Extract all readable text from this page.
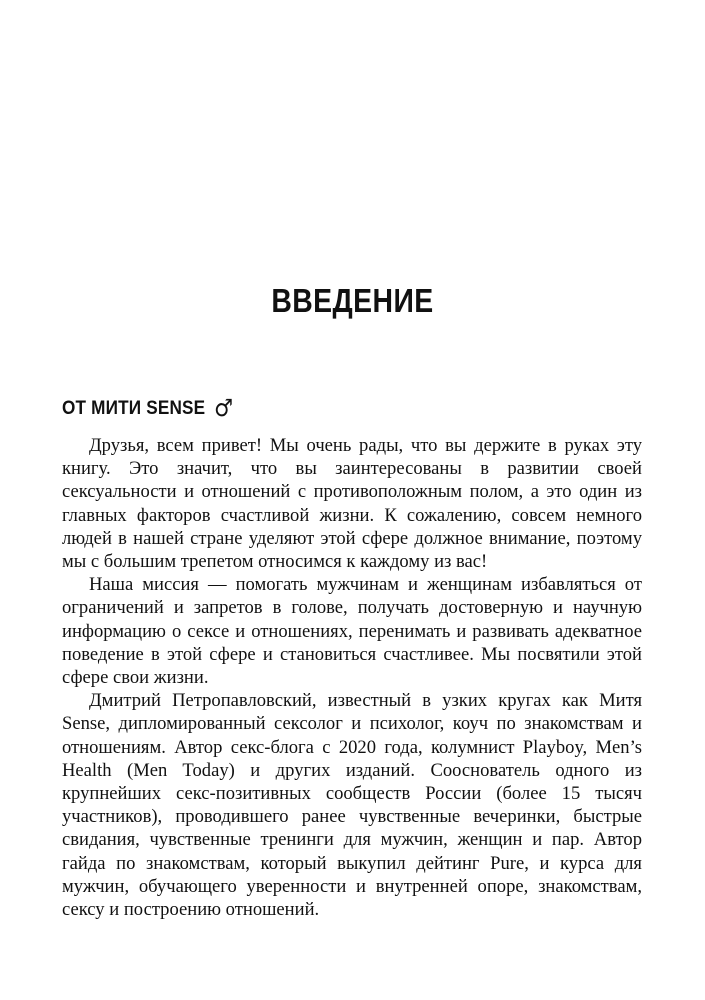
ВВЕДЕНИЕ
ОТ МИТИ SENSE ♂

Друзья, всем привет! Мы очень рады, что вы держите в руках эту книгу. Это значит, что вы заинтересованы в развитии своей сексуальности и отношений с противоположным полом, а это один из главных факторов счастливой жизни. К сожалению, совсем немного людей в нашей стране уделяют этой сфере должное внимание, поэтому мы с большим трепетом относимся к каждому из вас!

Наша миссия — помогать мужчинам и женщинам избавляться от ограничений и запретов в голове, получать достоверную и научную информацию о сексе и отношениях, перенимать и развивать адекватное поведение в этой сфере и становиться счастливее. Мы посвятили этой сфере свои жизни.

Дмитрий Петропавловский, известный в узких кругах как Митя Sense, дипломированный сексолог и психолог, коуч по знакомствам и отношениям. Автор секс-блога с 2020 года, колумнист Playboy, Men’s Health (Men Today) и других изданий. Сооснователь одного из крупнейших секс-позитивных сообществ России (более 15 тысяч участников), проводившего ранее чувственные вечеринки, быстрые свидания, чувственные тренинги для мужчин, женщин и пар. Автор гайда по знакомствам, который выкупил дейтинг Pure, и курса для мужчин, обучающего уверенности и внутренней опоре, знакомствам, сексу и построению отношений.
